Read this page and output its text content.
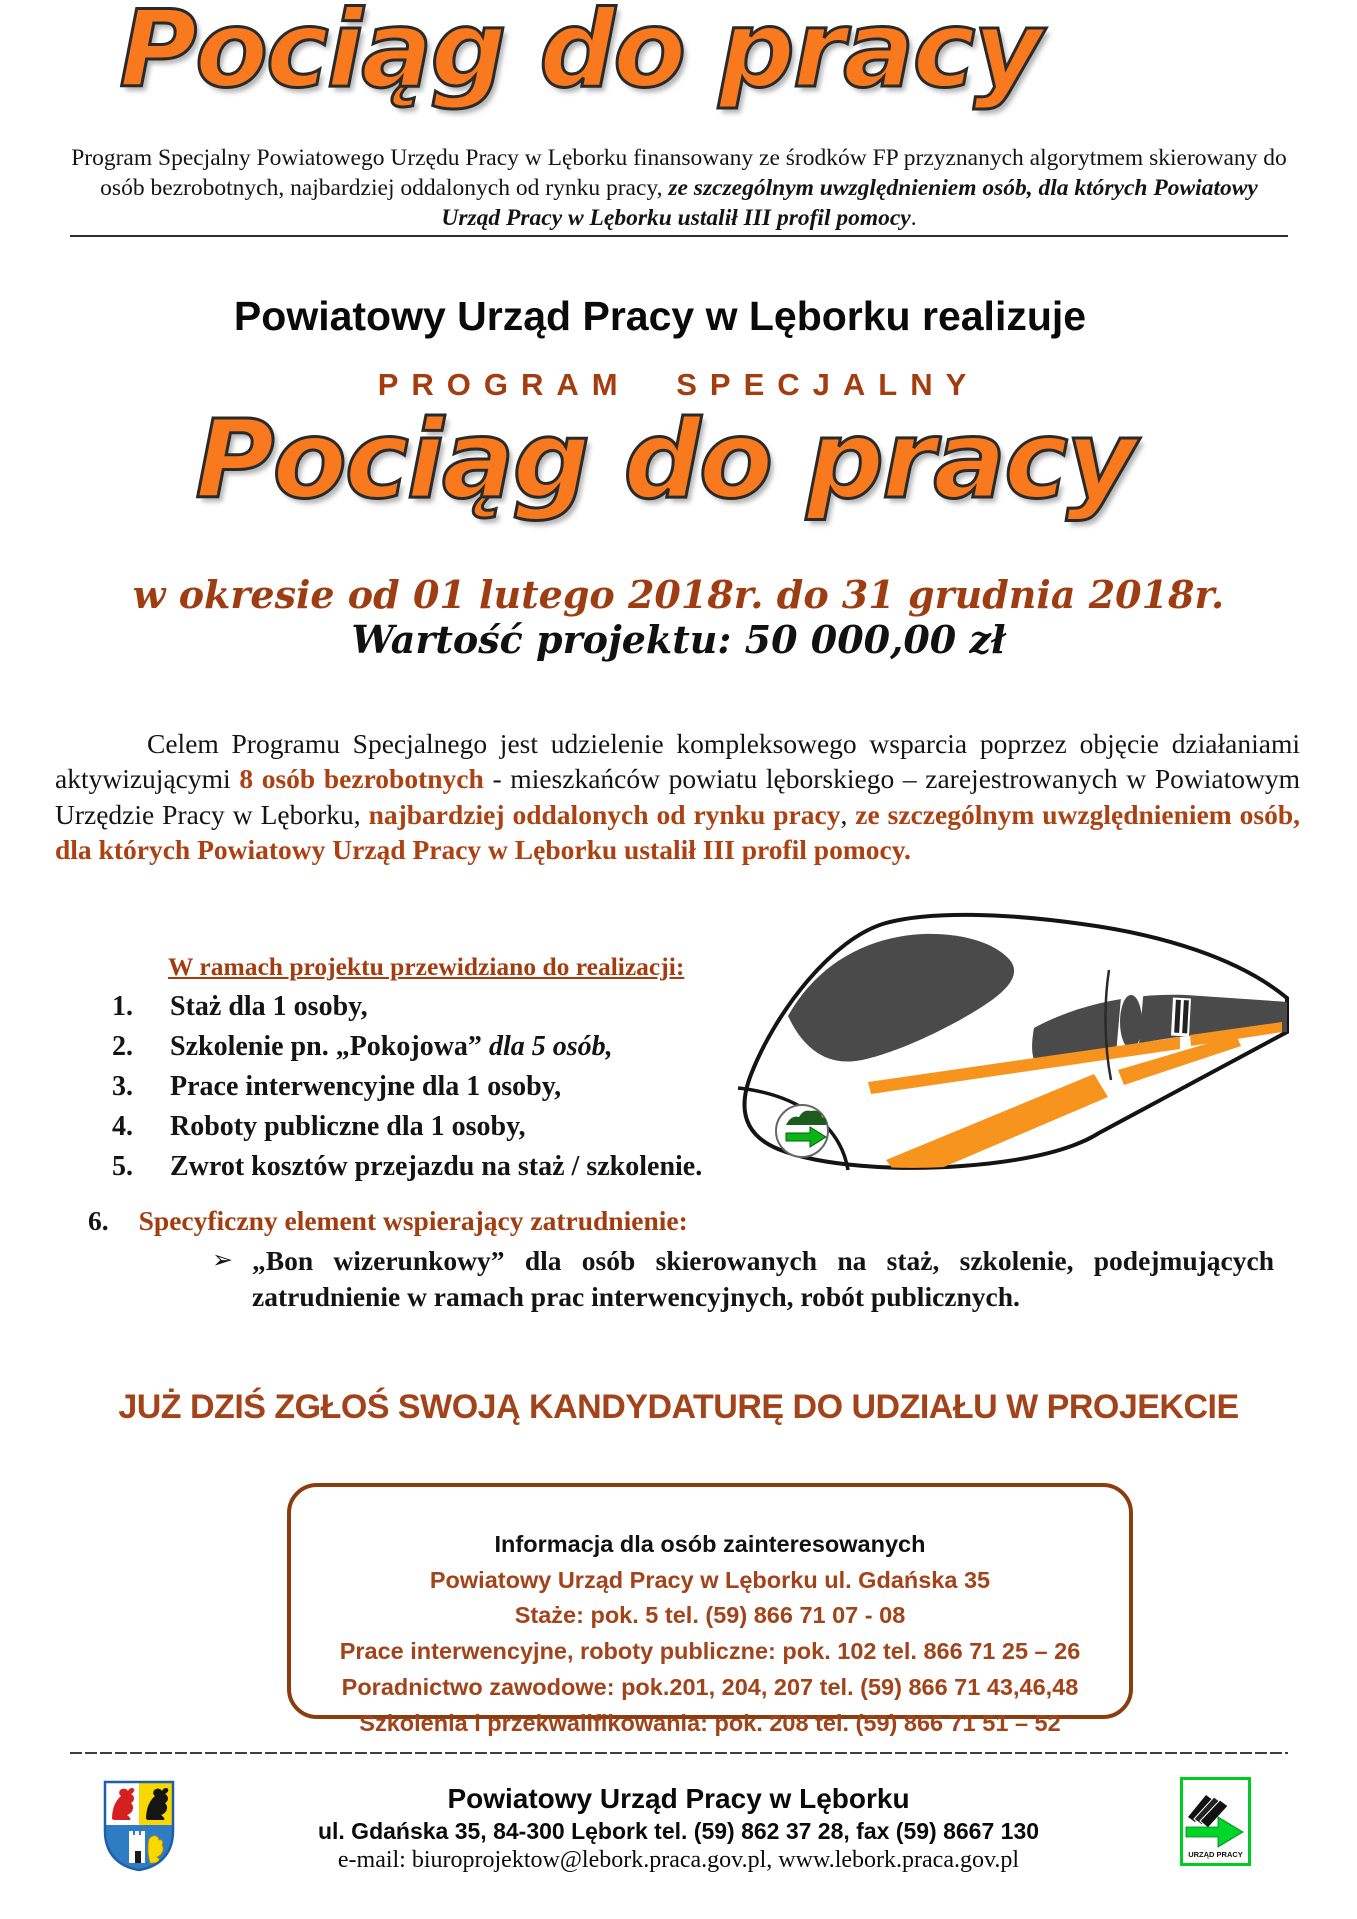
Pociąg do pracy
Program Specjalny Powiatowego Urzędu Pracy w Lęborku finansowany ze środków FP przyznanych algorytmem skierowany do osób bezrobotnych, najbardziej oddalonych od rynku pracy, ze szczególnym uwzględnieniem osób, dla których Powiatowy Urząd Pracy w Lęborku ustalił III profil pomocy.
Powiatowy Urząd Pracy w Lęborku realizuje
PROGRAM SPECJALNY
Pociąg do pracy
w okresie od 01 lutego 2018r. do 31 grudnia 2018r.
Wartość projektu: 50 000,00 zł
Celem Programu Specjalnego jest udzielenie kompleksowego wsparcia poprzez objęcie działaniami aktywizującymi 8 osób bezrobotnych - mieszkańców powiatu lęborskiego – zarejestrowanych w Powiatowym Urzędzie Pracy w Lęborku, najbardziej oddalonych od rynku pracy, ze szczególnym uwzględnieniem osób, dla których Powiatowy Urząd Pracy w Lęborku ustalił III profil pomocy.
W ramach projektu przewidziano do realizacji:
1.	Staż dla 1 osoby,
2.	Szkolenie pn. „Pokojowa” dla 5 osób,
3.	Prace interwencyjne dla 1 osoby,
4.	Roboty publiczne dla 1 osoby,
5.	Zwrot kosztów przejazdu na staż / szkolenie.
6. Specyficzny element wspierający zatrudnienie:
➢ „Bon wizerunkowy” dla osób skierowanych na staż, szkolenie, podejmujących zatrudnienie w ramach prac interwencyjnych, robót publicznych.
JUŻ DZIŚ ZGŁOŚ SWOJĄ KANDYDATURĘ DO UDZIAŁU W PROJEKCIE
Informacja dla osób zainteresowanych
Powiatowy Urząd Pracy w Lęborku ul. Gdańska 35
Staże: pok. 5 tel. (59) 866 71 07 - 08
Prace interwencyjne, roboty publiczne: pok. 102 tel. 866 71 25 – 26
Poradnictwo zawodowe: pok.201, 204, 207 tel. (59) 866 71 43,46,48
Szkolenia i przekwalifikowania: pok. 208 tel. (59) 866 71 51 – 52
Powiatowy Urząd Pracy w Lęborku
ul. Gdańska 35, 84-300 Lębork tel. (59) 862 37 28, fax (59) 8667 130
e-mail: biuroprojektow@lebork.praca.gov.pl, www.lebork.praca.gov.pl	URZĄD PRACY
